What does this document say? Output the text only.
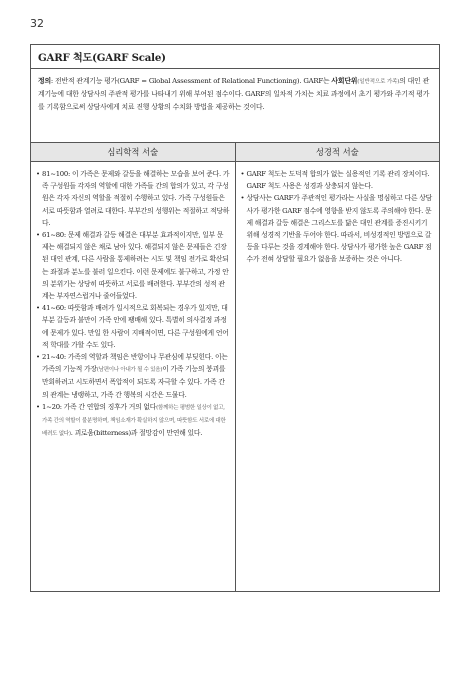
32
GARF 척도(GARF Scale)
정의: 전반적 관계기능 평가(GARF = Global Assessment of Relational Functioning). GARF는 사회단위(일반적으로 가족)의 대인 관계기능에 대한 상담사의 주관적 평가를 나타내기 위해 부여된 점수이다. GARF의 일차적 가치는 치료 과정에서 초기 평가와 주기적 평가를 기록함으로써 상담사에게 치료 진행 상황의 수치화 방법을 제공하는 것이다.
심리학적 서술	성경적 서술
• 81~100: 이 가족은 문제와 갈등을 해결하는 모습을 보여 준다. 가족 구성원들 각자의 역할에 대한 가족들 간의 합의가 있고, 각 구성원은 각자 자신의 역할을 적절히 수행하고 있다. 가족 구성원들은 서로 따뜻함과 열려로 대한다. 부부간의 성행위는 적절하고 적당하다.
• 61~80: 문제 해결과 갈등 해결은 대부분 효과적이지만, 일부 문제는 해결되지 않은 채로 남아 있다. 해결되지 않은 문제들은 긴장된 대인 관계, 다른 사람을 통제하려는 시도 및 책임 전가로 확산되는 좌절과 분노를 불러 일으킨다. 이런 문제에도 불구하고, 가정 안의 분위기는 상당히 따뜻하고 서로를 배려한다. 부부간의 성적 관계는 부자연스럽거나 줄어들었다.
• 41~60: 따뜻함과 배려가 일시적으로 회복되는 경우가 있지만, 대부분 갈등과 불만이 가족 안에 팽배해 있다. 특별히 의사결정 과정에 문제가 있다. 만일 한 사람이 지배적이면, 다른 구성원에게 언어적 학대를 가할 수도 있다.
• 21~40: 가족의 역할과 책임은 반항이나 무관심에 부딪힌다. 이는 가족의 기능적 가장(남편이나 아내가 될 수 있음)이 가족 기능의 붕괴를 만회하려고 시도하면서 폭압적이 되도록 자극할 수 있다. 가족 간의 관계는 냉랭하고, 가족 간 행복의 시간은 드물다.
• 1~20: 가족 간 연합의 징후가 거의 없다(함께하는 평범한 일상이 없고, 가족 간의 역할이 불분명하며, 책임소재가 확실하지 않으며, 따뜻함도 서로에 대한 배려도 없다). 괴로움(bitterness)과 절망감이 만연해 있다.
• GARF 척도는 도덕적 합의가 없는 실용적인 기록 관리 장치이다. GARF 척도 사용은 성경과 상충되지 않는다.
• 상담사는 GARF가 주관적인 평가라는 사실을 명심하고 다른 상담사가 평가한 GARF 점수에 영향을 받지 않도록 주의해야 한다. 문제 해결과 갈등 해결은 그리스도를 닮은 대인 관계를 증진시키기 위해 성경적 기반을 두어야 한다. 따라서, 비성경적인 방법으로 갈등을 다루는 것을 경계해야 한다. 상담사가 평가한 높은 GARF 점수가 전혀 상담할 필요가 없음을 보증하는 것은 아니다.
